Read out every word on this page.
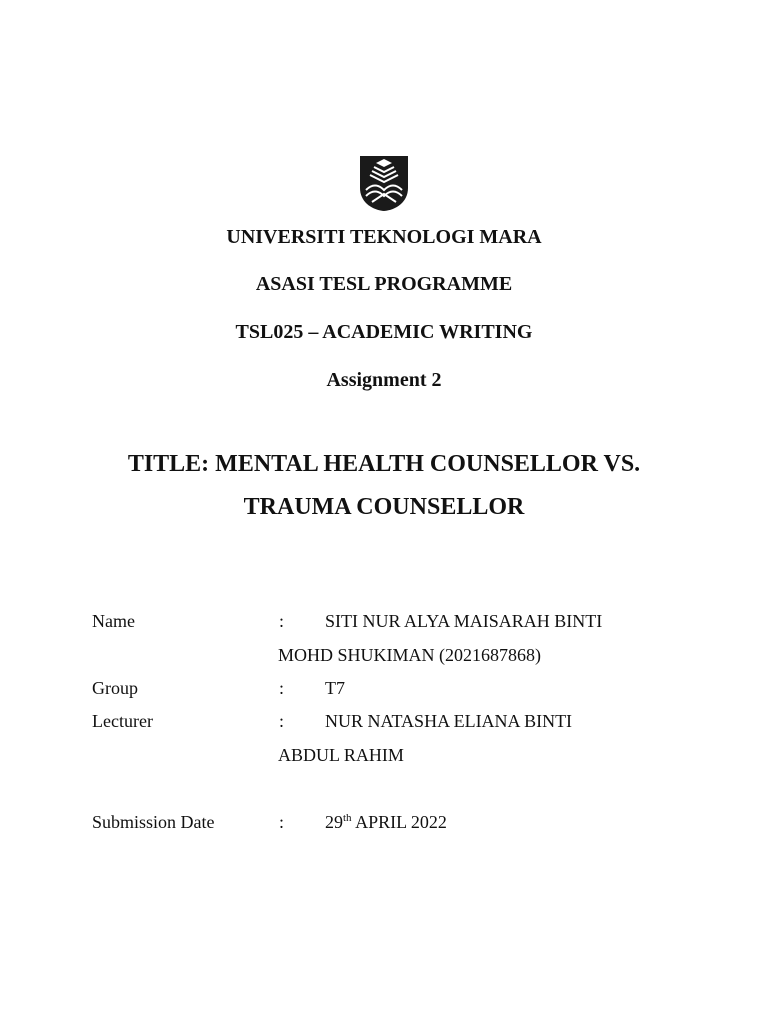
UNIVERSITI TEKNOLOGI MARA
ASASI TESL PROGRAMME
TSL025 – ACADEMIC WRITING
Assignment 2
TITLE: MENTAL HEALTH COUNSELLOR VS.
TRAUMA COUNSELLOR
Name	: SITI NUR ALYA MAISARAH BINTI
MOHD SHUKIMAN (2021687868)
Group	: T7
Lecturer	: NUR NATASHA ELIANA BINTI
ABDUL RAHIM
Submission Date	: 29th APRIL 2022
